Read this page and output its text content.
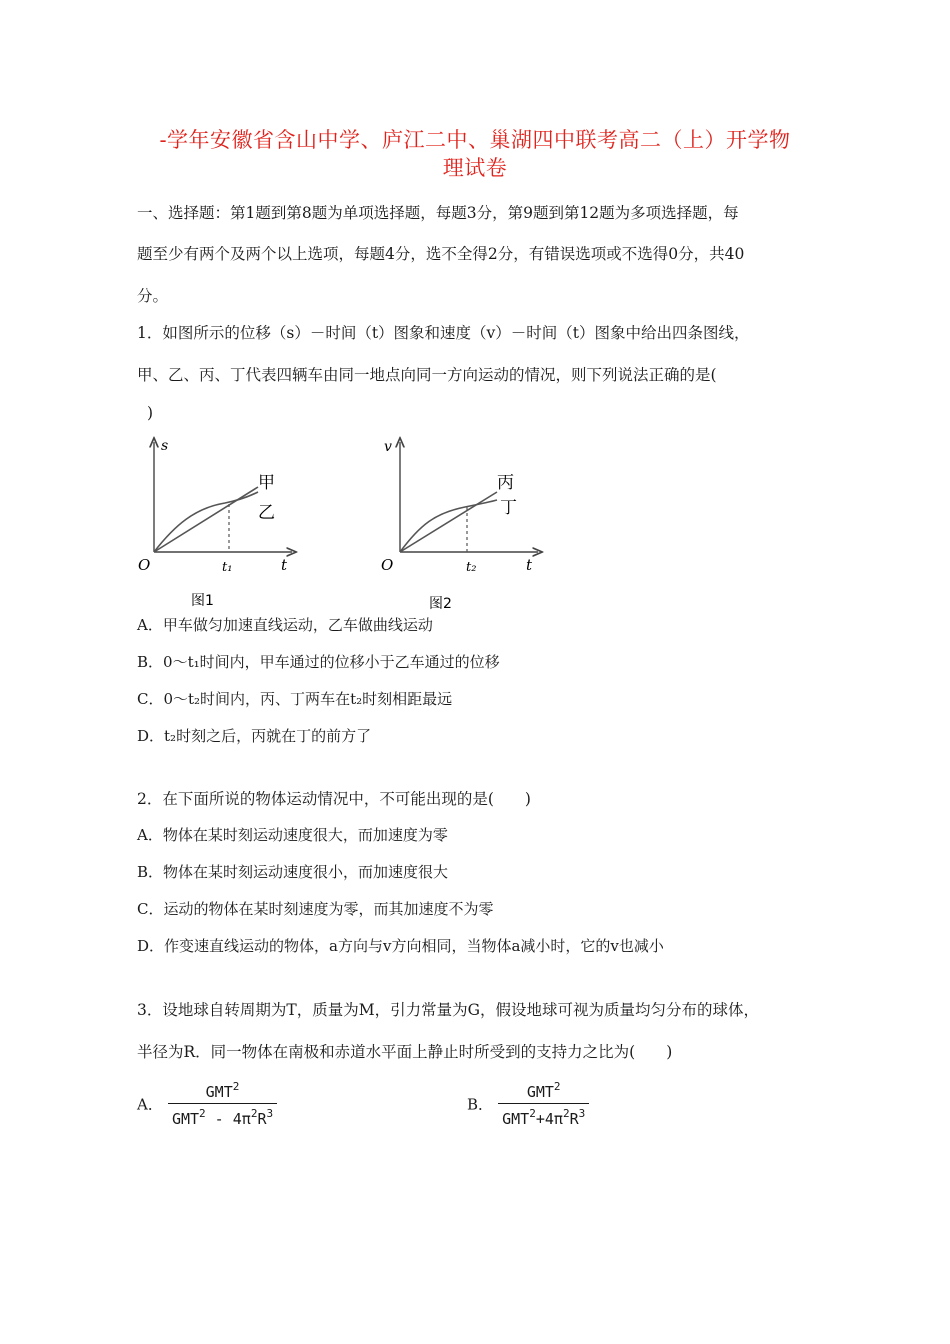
-学年安徽省含山中学、庐江二中、巢湖四中联考高二（上）开学物
理试卷
一、选择题：第1题到第8题为单项选择题，每题3分，第9题到第12题为多项选择题，每
题至少有两个及两个以上选项，每题4分，选不全得2分，有错误选项或不选得0分，共40
分。
1．如图所示的位移（s）－时间（t）图象和速度（v）－时间（t）图象中给出四条图线，
甲、乙、丙、丁代表四辆车由同一地点向同一方向运动的情况，则下列说法正确的是(
)
s
t
O	t₁
甲
乙
图1
v
t
O	t₂
丙
丁
图2
A．甲车做匀加速直线运动，乙车做曲线运动
B．0～t₁时间内，甲车通过的位移小于乙车通过的位移
C．0～t₂时间内，丙、丁两车在t₂时刻相距最远
D．t₂时刻之后，丙就在丁的前方了
2．在下面所说的物体运动情况中，不可能出现的是(　　)
A．物体在某时刻运动速度很大，而加速度为零
B．物体在某时刻运动速度很小，而加速度很大
C．运动的物体在某时刻速度为零，而其加速度不为零
D．作变速直线运动的物体，a方向与v方向相同，当物体a减小时，它的v也减小
3．设地球自转周期为T，质量为M，引力常量为G，假设地球可视为质量均匀分布的球体，
半径为R．同一物体在南极和赤道水平面上静止时所受到的支持力之比为(　　)
A． $\frac{GMT^2}{GMT^2 - 4\pi^2R^3}$	B． $\frac{GMT^2}{GMT^2+4\pi^2R^3}$
